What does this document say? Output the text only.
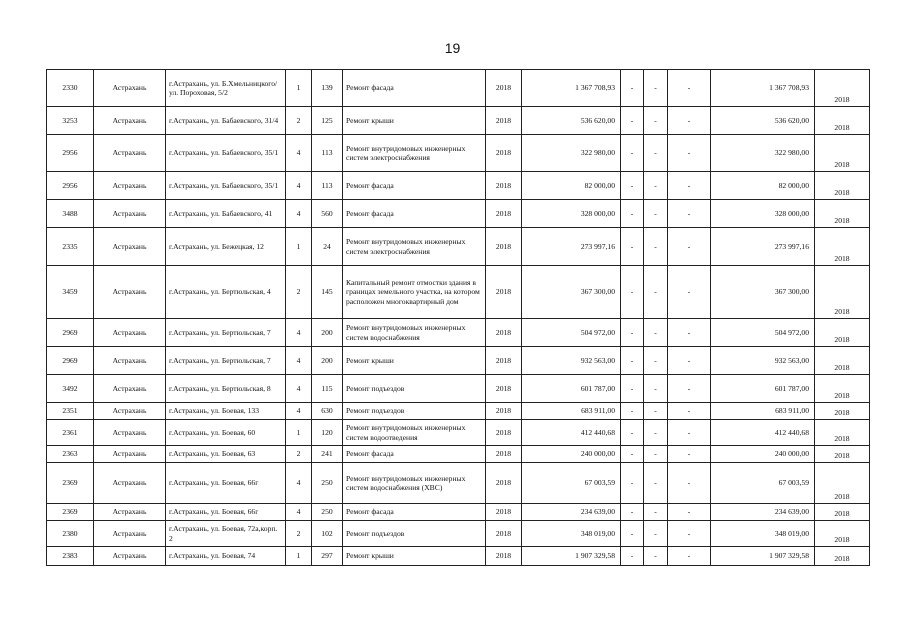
19
2330	Астрахань	г.Астрахань, ул. Б.Хмельницкого/ул. Пороховая, 5/2	1	139	Ремонт фасада	2018	1 367 708,93	-	-	-	1 367 708,93	2018
3253	Астрахань	г.Астрахань, ул. Бабаевского, 31/4	2	125	Ремонт крыши	2018	536 620,00	-	-	-	536 620,00	2018
2956	Астрахань	г.Астрахань, ул. Бабаевского, 35/1	4	113	Ремонт внутридомовых инженерных систем электроснабжения	2018	322 980,00	-	-	-	322 980,00	2018
2956	Астрахань	г.Астрахань, ул. Бабаевского, 35/1	4	113	Ремонт фасада	2018	82 000,00	-	-	-	82 000,00	2018
3488	Астрахань	г.Астрахань, ул. Бабаевского, 41	4	560	Ремонт фасада	2018	328 000,00	-	-	-	328 000,00	2018
2335	Астрахань	г.Астрахань, ул. Бежецкая, 12	1	24	Ремонт внутридомовых инженерных систем электроснабжения	2018	273 997,16	-	-	-	273 997,16	2018
3459	Астрахань	г.Астрахань, ул. Бертюльская, 4	2	145	Капитальный ремонт отмостки здания в границах земельного участка, на котором расположен многоквартирный дом	2018	367 300,00	-	-	-	367 300,00	2018
2969	Астрахань	г.Астрахань, ул. Бертюльская, 7	4	200	Ремонт внутридомовых инженерных систем водоснабжения	2018	504 972,00	-	-	-	504 972,00	2018
2969	Астрахань	г.Астрахань, ул. Бертюльская, 7	4	200	Ремонт крыши	2018	932 563,00	-	-	-	932 563,00	2018
3492	Астрахань	г.Астрахань, ул. Бертюльская, 8	4	115	Ремонт подъездов	2018	601 787,00	-	-	-	601 787,00	2018
2351	Астрахань	г.Астрахань, ул. Боевая, 133	4	630	Ремонт подъездов	2018	683 911,00	-	-	-	683 911,00	2018
2361	Астрахань	г.Астрахань, ул. Боевая, 60	1	120	Ремонт внутридомовых инженерных систем водоотведения	2018	412 440,68	-	-	-	412 440,68	2018
2363	Астрахань	г.Астрахань, ул. Боевая, 63	2	241	Ремонт фасада	2018	240 000,00	-	-	-	240 000,00	2018
2369	Астрахань	г.Астрахань, ул. Боевая, 66г	4	250	Ремонт внутридомовых инженерных систем водоснабжения (ХВС)	2018	67 003,59	-	-	-	67 003,59	2018
2369	Астрахань	г.Астрахань, ул. Боевая, 66г	4	250	Ремонт фасада	2018	234 639,00	-	-	-	234 639,00	2018
2380	Астрахань	г.Астрахань, ул. Боевая, 72а,корп. 2	2	102	Ремонт подъездов	2018	348 019,00	-	-	-	348 019,00	2018
2383	Астрахань	г.Астрахань, ул. Боевая, 74	1	297	Ремонт крыши	2018	1 907 329,58	-	-	-	1 907 329,58	2018
